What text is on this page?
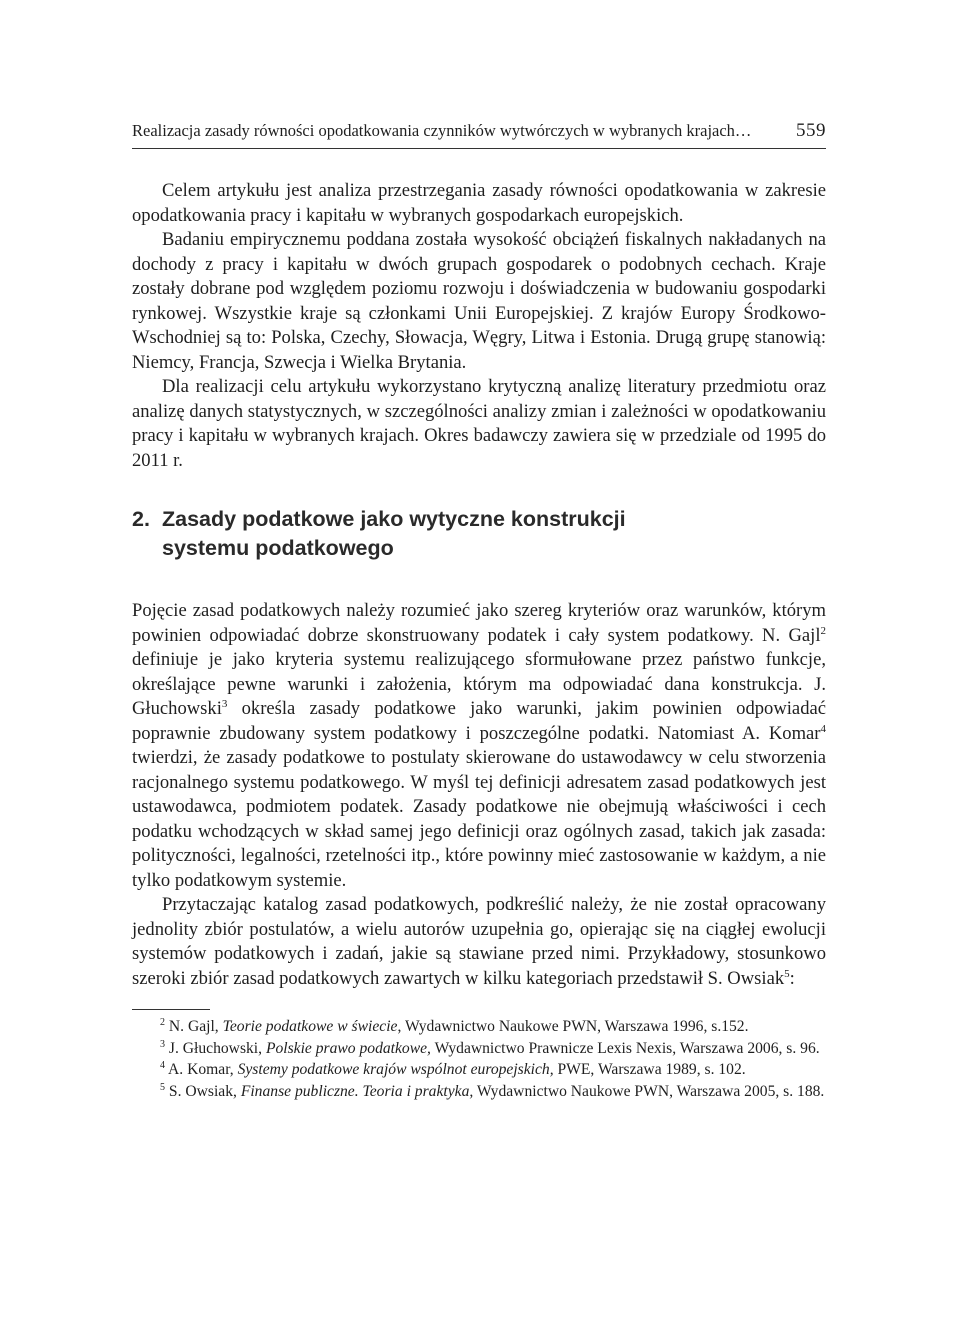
Realizacja zasady równości opodatkowania czynników wytwórczych w wybranych krajach… 559

Celem artykułu jest analiza przestrzegania zasady równości opodatkowania w zakresie opodatkowania pracy i kapitału w wybranych gospodarkach europejskich.

Badaniu empirycznemu poddana została wysokość obciążeń fiskalnych nakładanych na dochody z pracy i kapitału w dwóch grupach gospodarek o podobnych cechach. Kraje zostały dobrane pod względem poziomu rozwoju i doświadczenia w budowaniu gospodarki rynkowej. Wszystkie kraje są członkami Unii Europejskiej. Z krajów Europy Środkowo-Wschodniej są to: Polska, Czechy, Słowacja, Węgry, Litwa i Estonia. Drugą grupę stanowią: Niemcy, Francja, Szwecja i Wielka Brytania.

Dla realizacji celu artykułu wykorzystano krytyczną analizę literatury przedmiotu oraz analizę danych statystycznych, w szczególności analizy zmian i zależności w opodatkowaniu pracy i kapitału w wybranych krajach. Okres badawczy zawiera się w przedziale od 1995 do 2011 r.

2. Zasady podatkowe jako wytyczne konstrukcji
systemu podatkowego

Pojęcie zasad podatkowych należy rozumieć jako szereg kryteriów oraz warunków, którym powinien odpowiadać dobrze skonstruowany podatek i cały system podatkowy. N. Gajl$^2$ definiuje je jako kryteria systemu realizującego sformułowane przez państwo funkcje, określające pewne warunki i założenia, którym ma odpowiadać dana konstrukcja. J. Głuchowski$^3$ określa zasady podatkowe jako warunki, jakim powinien odpowiadać poprawnie zbudowany system podatkowy i poszczególne podatki. Natomiast A. Komar$^4$ twierdzi, że zasady podatkowe to postulaty skierowane do ustawodawcy w celu stworzenia racjonalnego systemu podatkowego. W myśl tej definicji adresatem zasad podatkowych jest ustawodawca, podmiotem podatek. Zasady podatkowe nie obejmują właściwości i cech podatku wchodzących w skład samej jego definicji oraz ogólnych zasad, takich jak zasada: polityczności, legalności, rzetelności itp., które powinny mieć zastosowanie w każdym, a nie tylko podatkowym systemie.

Przytaczając katalog zasad podatkowych, podkreślić należy, że nie został opracowany jednolity zbiór postulatów, a wielu autorów uzupełnia go, opierając się na ciągłej ewolucji systemów podatkowych i zadań, jakie są stawiane przed nimi. Przykładowy, stosunkowo szeroki zbiór zasad podatkowych zawartych w kilku kategoriach przedstawił S. Owsiak$^5$:

$^2$ N. Gajl, Teorie podatkowe w świecie, Wydawnictwo Naukowe PWN, Warszawa 1996, s.152.

$^3$ J. Głuchowski, Polskie prawo podatkowe, Wydawnictwo Prawnicze Lexis Nexis, Warszawa 2006, s. 96.

$^4$ A. Komar, Systemy podatkowe krajów wspólnot europejskich, PWE, Warszawa 1989, s. 102.

$^5$ S. Owsiak, Finanse publiczne. Teoria i praktyka, Wydawnictwo Naukowe PWN, Warszawa 2005, s. 188.
